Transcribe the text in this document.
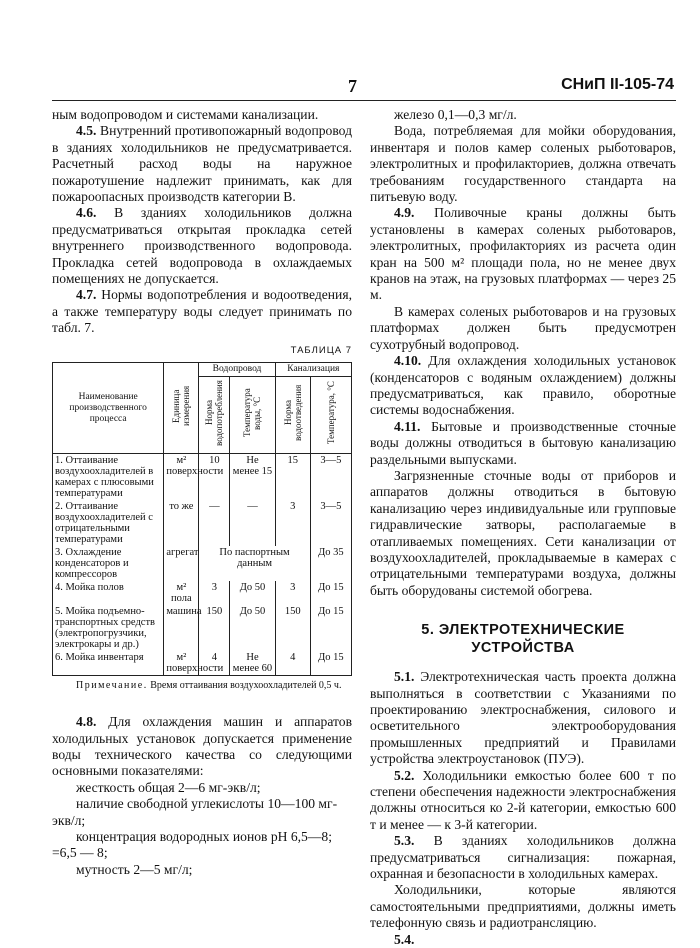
7	СНиП II-105-74

ным водопроводом и системами канализации.

4.5. Внутренний противопожарный водопровод в зданиях холодильников не предусматривается. Расчетный расход воды на наружное пожаротушение надлежит принимать, как для пожароопасных производств категории В.

4.6. В зданиях холодильников должна предусматриваться открытая прокладка сетей внутреннего производственного водопровода. Прокладка сетей водопровода в охлаждаемых помещениях не допускается.

4.7. Нормы водопотребления и водоотведения, а также температуру воды следует принимать по табл. 7.

ТАБЛИЦА 7
Наименование производственного процесса	Единица измерения	Водопровод		Канализация	
		Норма водопотребления	Температура воды, °С	Норма водоотведения	Температура, °С
1. Оттаивание воздухоохладителей в камерах с плюсовыми температурами	м² поверхности	10	Не менее 15	15	3—5
2. Оттаивание воздухоохладителей с отрицательными температурами	то же	—	—	3	3—5
3. Охлаждение конденсаторов и компрессоров	агрегат	По паспортным данным			До 35
4. Мойка полов	м² пола	3	До 50	3	До 15
5. Мойка подъемно-транспортных средств (электропогрузчики, электрокары и др.)	машина	150	До 50	150	До 15
6. Мойка инвентаря	м² поверхности	4	Не менее 60	4	До 15

Примечание. Время оттаивания воздухоохладителей 0,5 ч.

4.8. Для охлаждения машин и аппаратов холодильных установок допускается применение воды технического качества со следующими основными показателями:

жесткость общая 2—6 мг-экв/л;

наличие свободной углекислоты 10—100 мг-экв/л;

концентрация водородных ионов pH 6,5—8; =6,5 — 8;

мутность 2—5 мг/л;

железо 0,1—0,3 мг/л.

Вода, потребляемая для мойки оборудования, инвентаря и полов камер соленых рыботоваров, электролитных и профилакториев, должна отвечать требованиям государственного стандарта на питьевую воду.

4.9. Поливочные краны должны быть установлены в камерах соленых рыботоваров, электролитных, профилакториях из расчета один кран на 500 м² площади пола, но не менее двух кранов на этаж, на грузовых платформах — через 25 м.

В камерах соленых рыботоваров и на грузовых платформах должен быть предусмотрен сухотрубный водопровод.

4.10. Для охлаждения холодильных установок (конденсаторов с водяным охлаждением) должны предусматриваться, как правило, оборотные системы водоснабжения.

4.11. Бытовые и производственные сточные воды должны отводиться в бытовую канализацию раздельными выпусками.

Загрязненные сточные воды от приборов и аппаратов должны отводиться в бытовую канализацию через индивидуальные или групповые гидравлические затворы, располагаемые в отапливаемых помещениях. Сети канализации от воздухоохладителей, прокладываемые в камерах с отрицательными температурами воздуха, должны быть оборудованы системой обогрева.

5. ЭЛЕКТРОТЕХНИЧЕСКИЕ УСТРОЙСТВА

5.1. Электротехническая часть проекта должна выполняться в соответствии с Указаниями по проектированию электроснабжения, силового и осветительного электрооборудования промышленных предприятий и Правилами устройства электроустановок (ПУЭ).

5.2. Холодильники емкостью более 600 т по степени обеспечения надежности электроснабжения должны относиться ко 2-й категории, емкостью 600 т и менее — к 3-й категории.

5.3. В зданиях холодильников должна предусматриваться сигнализация: пожарная, охранная и безопасности в холодильных камерах.

Холодильники, которые являются самостоятельными предприятиями, должны иметь телефонную связь и радиотрансляцию.

5.4.
